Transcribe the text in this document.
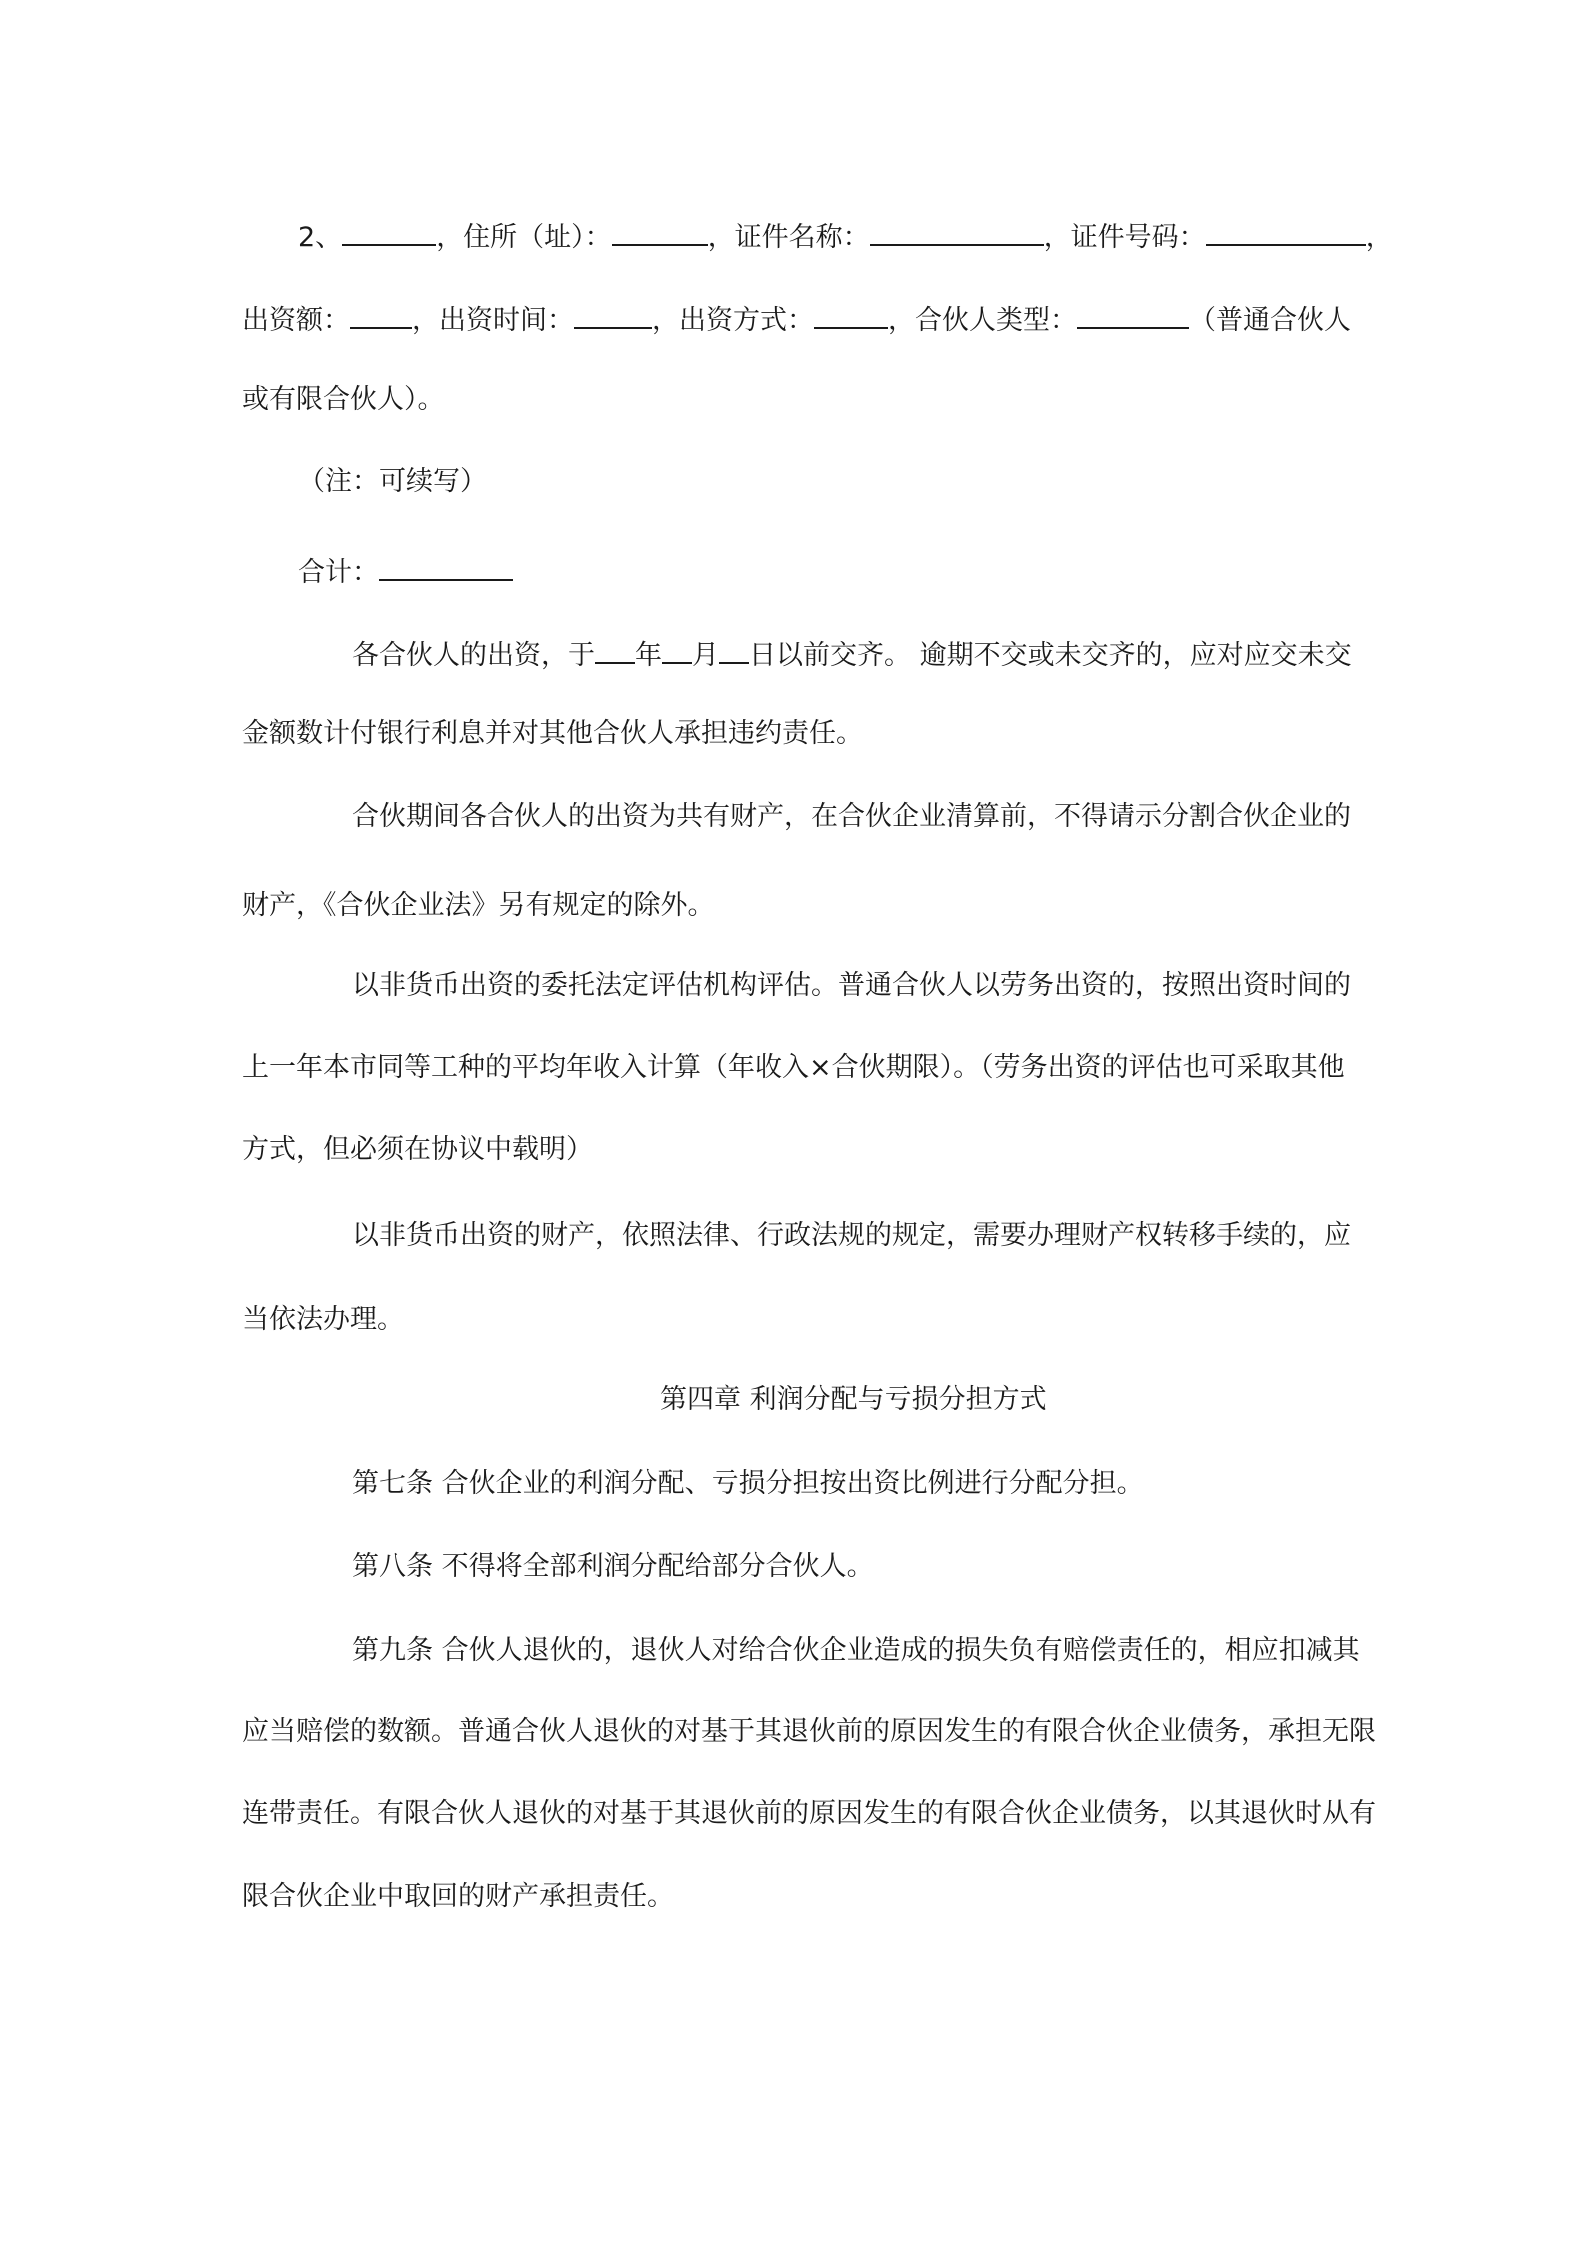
2、	，住所（址）：	，证件名称：	，证件号码：	，
出资额： ，出资时间：	，出资方式：	，合伙人类型：	（普通合伙人
或有限合伙人）。
（注：可续写）
合计：
各合伙人的出资，于 年 月 日以前交齐。 逾期不交或未交齐的，应对应交未交
金额数计付银行利息并对其他合伙人承担违约责任。
合伙期间各合伙人的出资为共有财产，在合伙企业清算前，不得请示分割合伙企业的
财产，《合伙企业法》另有规定的除外。
以非货币出资的委托法定评估机构评估。普通合伙人以劳务出资的，按照出资时间的
上一年本市同等工种的平均年收入计算（年收入×合伙期限）。（劳务出资的评估也可采取其他
方式，但必须在协议中载明）
以非货币出资的财产，依照法律、行政法规的规定，需要办理财产权转移手续的，应
当依法办理。
第四章 利润分配与亏损分担方式
第七条 合伙企业的利润分配、亏损分担按出资比例进行分配分担。
第八条 不得将全部利润分配给部分合伙人。
第九条 合伙人退伙的，退伙人对给合伙企业造成的损失负有赔偿责任的，相应扣减其
应当赔偿的数额。普通合伙人退伙的对基于其退伙前的原因发生的有限合伙企业债务，承担无限
连带责任。有限合伙人退伙的对基于其退伙前的原因发生的有限合伙企业债务，以其退伙时从有
限合伙企业中取回的财产承担责任。
